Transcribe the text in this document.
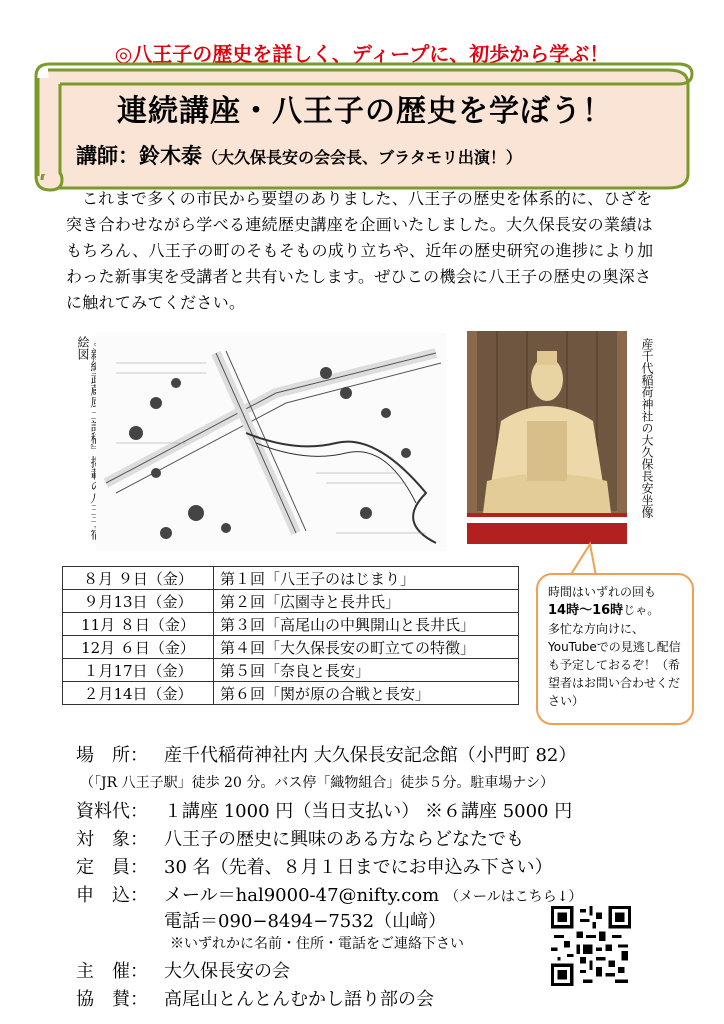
◎八王子の歴史を詳しく、ディープに、初歩から学ぶ！
連続講座・八王子の歴史を学ぼう！
講師：鈴木泰（大久保長安の会会長、ブラタモリ出演！）
これまで多くの市民から要望のありました、八王子の歴史を体系的に、ひざを突き合わせながら学べる連続歴史講座を企画いたしました。大久保長安の業績はもちろん、八王子の町のそもそもの成り立ちや、近年の歴史研究の進捗により加わった新事実を受講者と共有いたします。ぜひこの機会に八王子の歴史の奥深さに触れてみてください。
絵図	産千代稲荷神社の大久保長安坐像
８月 ９日（金）	第１回「八王子のはじまり」
９月13日（金）	第２回「広園寺と長井氏」
11月 ８日（金）	第３回「高尾山の中興開山と長井氏」
12月 ６日（金）	第４回「大久保長安の町立ての特徴」
１月17日（金）	第５回「奈良と長安」
２月14日（金）	第６回「関が原の合戦と長安」
時間はいずれの回も
14時〜16時じゃ。
多忙な方向けに、YouTubeでの見逃し配信も予定しておるぞ！（希望者はお問い合わせください）
場　所： 産千代稲荷神社内 大久保長安記念館（小門町 82）
（「JR 八王子駅」徒歩 20 分。バス停「織物組合」徒歩５分。駐車場ナシ）
資料代： １講座 1000 円（当日支払い） ※６講座 5000 円
対　象： 八王子の歴史に興味のある方ならどなたでも
定　員： 30 名（先着、８月１日までにお申込み下さい）
申　込： メール＝hal9000-47@nifty.com （メールはこちら↓）
電話＝090−8494−7532（山﨑）
※いずれかに名前・住所・電話をご連絡下さい
主　催： 大久保長安の会
協　賛： 高尾山とんとんむかし語り部の会
